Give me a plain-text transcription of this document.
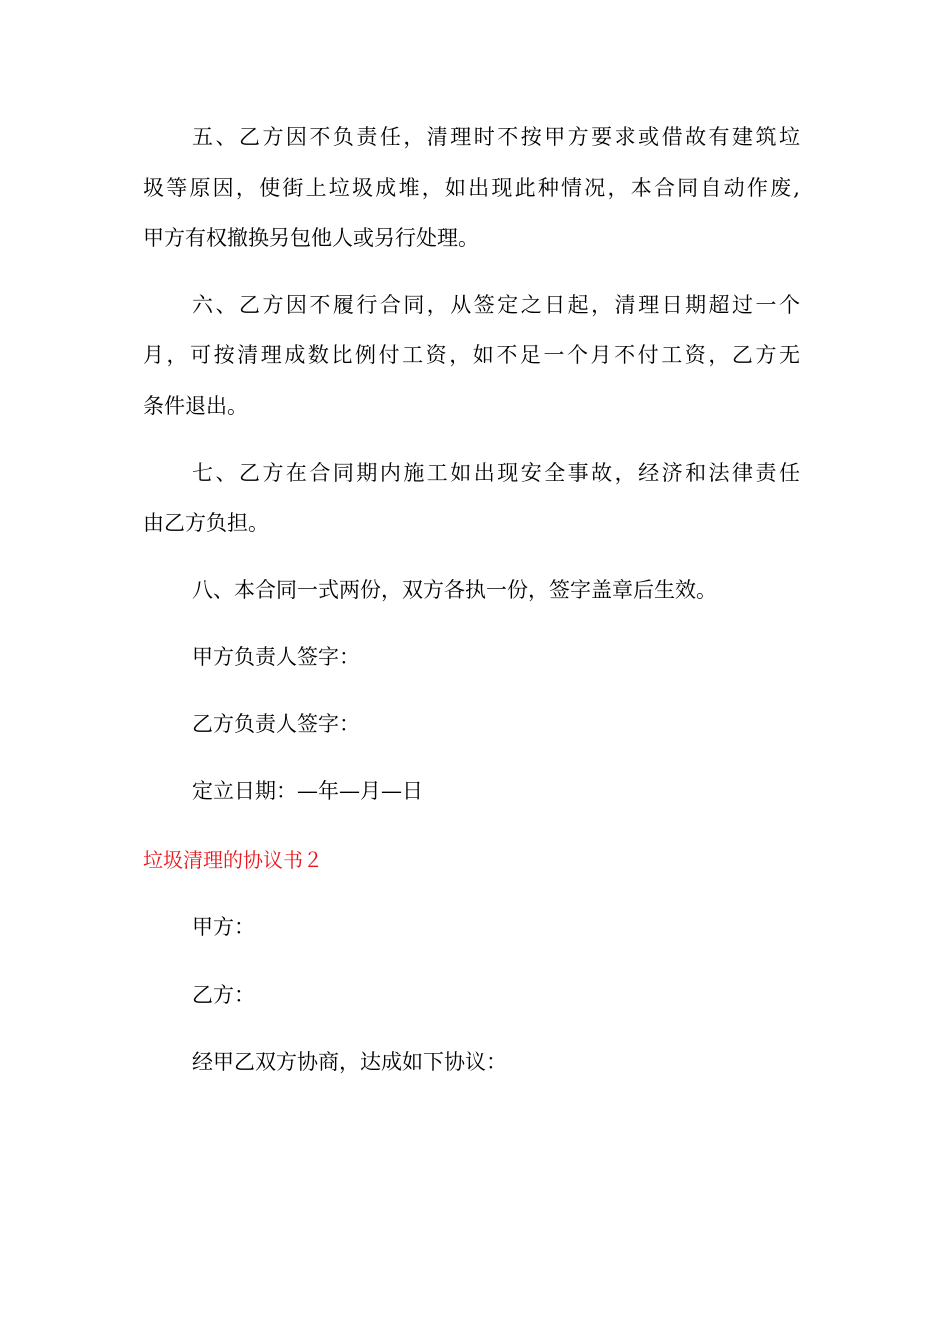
五、乙方因不负责任，清理时不按甲方要求或借故有建筑垃
圾等原因，使街上垃圾成堆，如出现此种情况，本合同自动作废,
甲方有权撤换另包他人或另行处理。
六、乙方因不履行合同，从签定之日起，清理日期超过一个
月，可按清理成数比例付工资，如不足一个月不付工资，乙方无
条件退出。
七、乙方在合同期内施工如出现安全事故，经济和法律责任
由乙方负担。
八、本合同一式两份，双方各执一份，签字盖章后生效。
甲方负责人签字：
乙方负责人签字：
定立日期：—年—月—日
垃圾清理的协议书２
甲方：
乙方：
经甲乙双方协商，达成如下协议：
